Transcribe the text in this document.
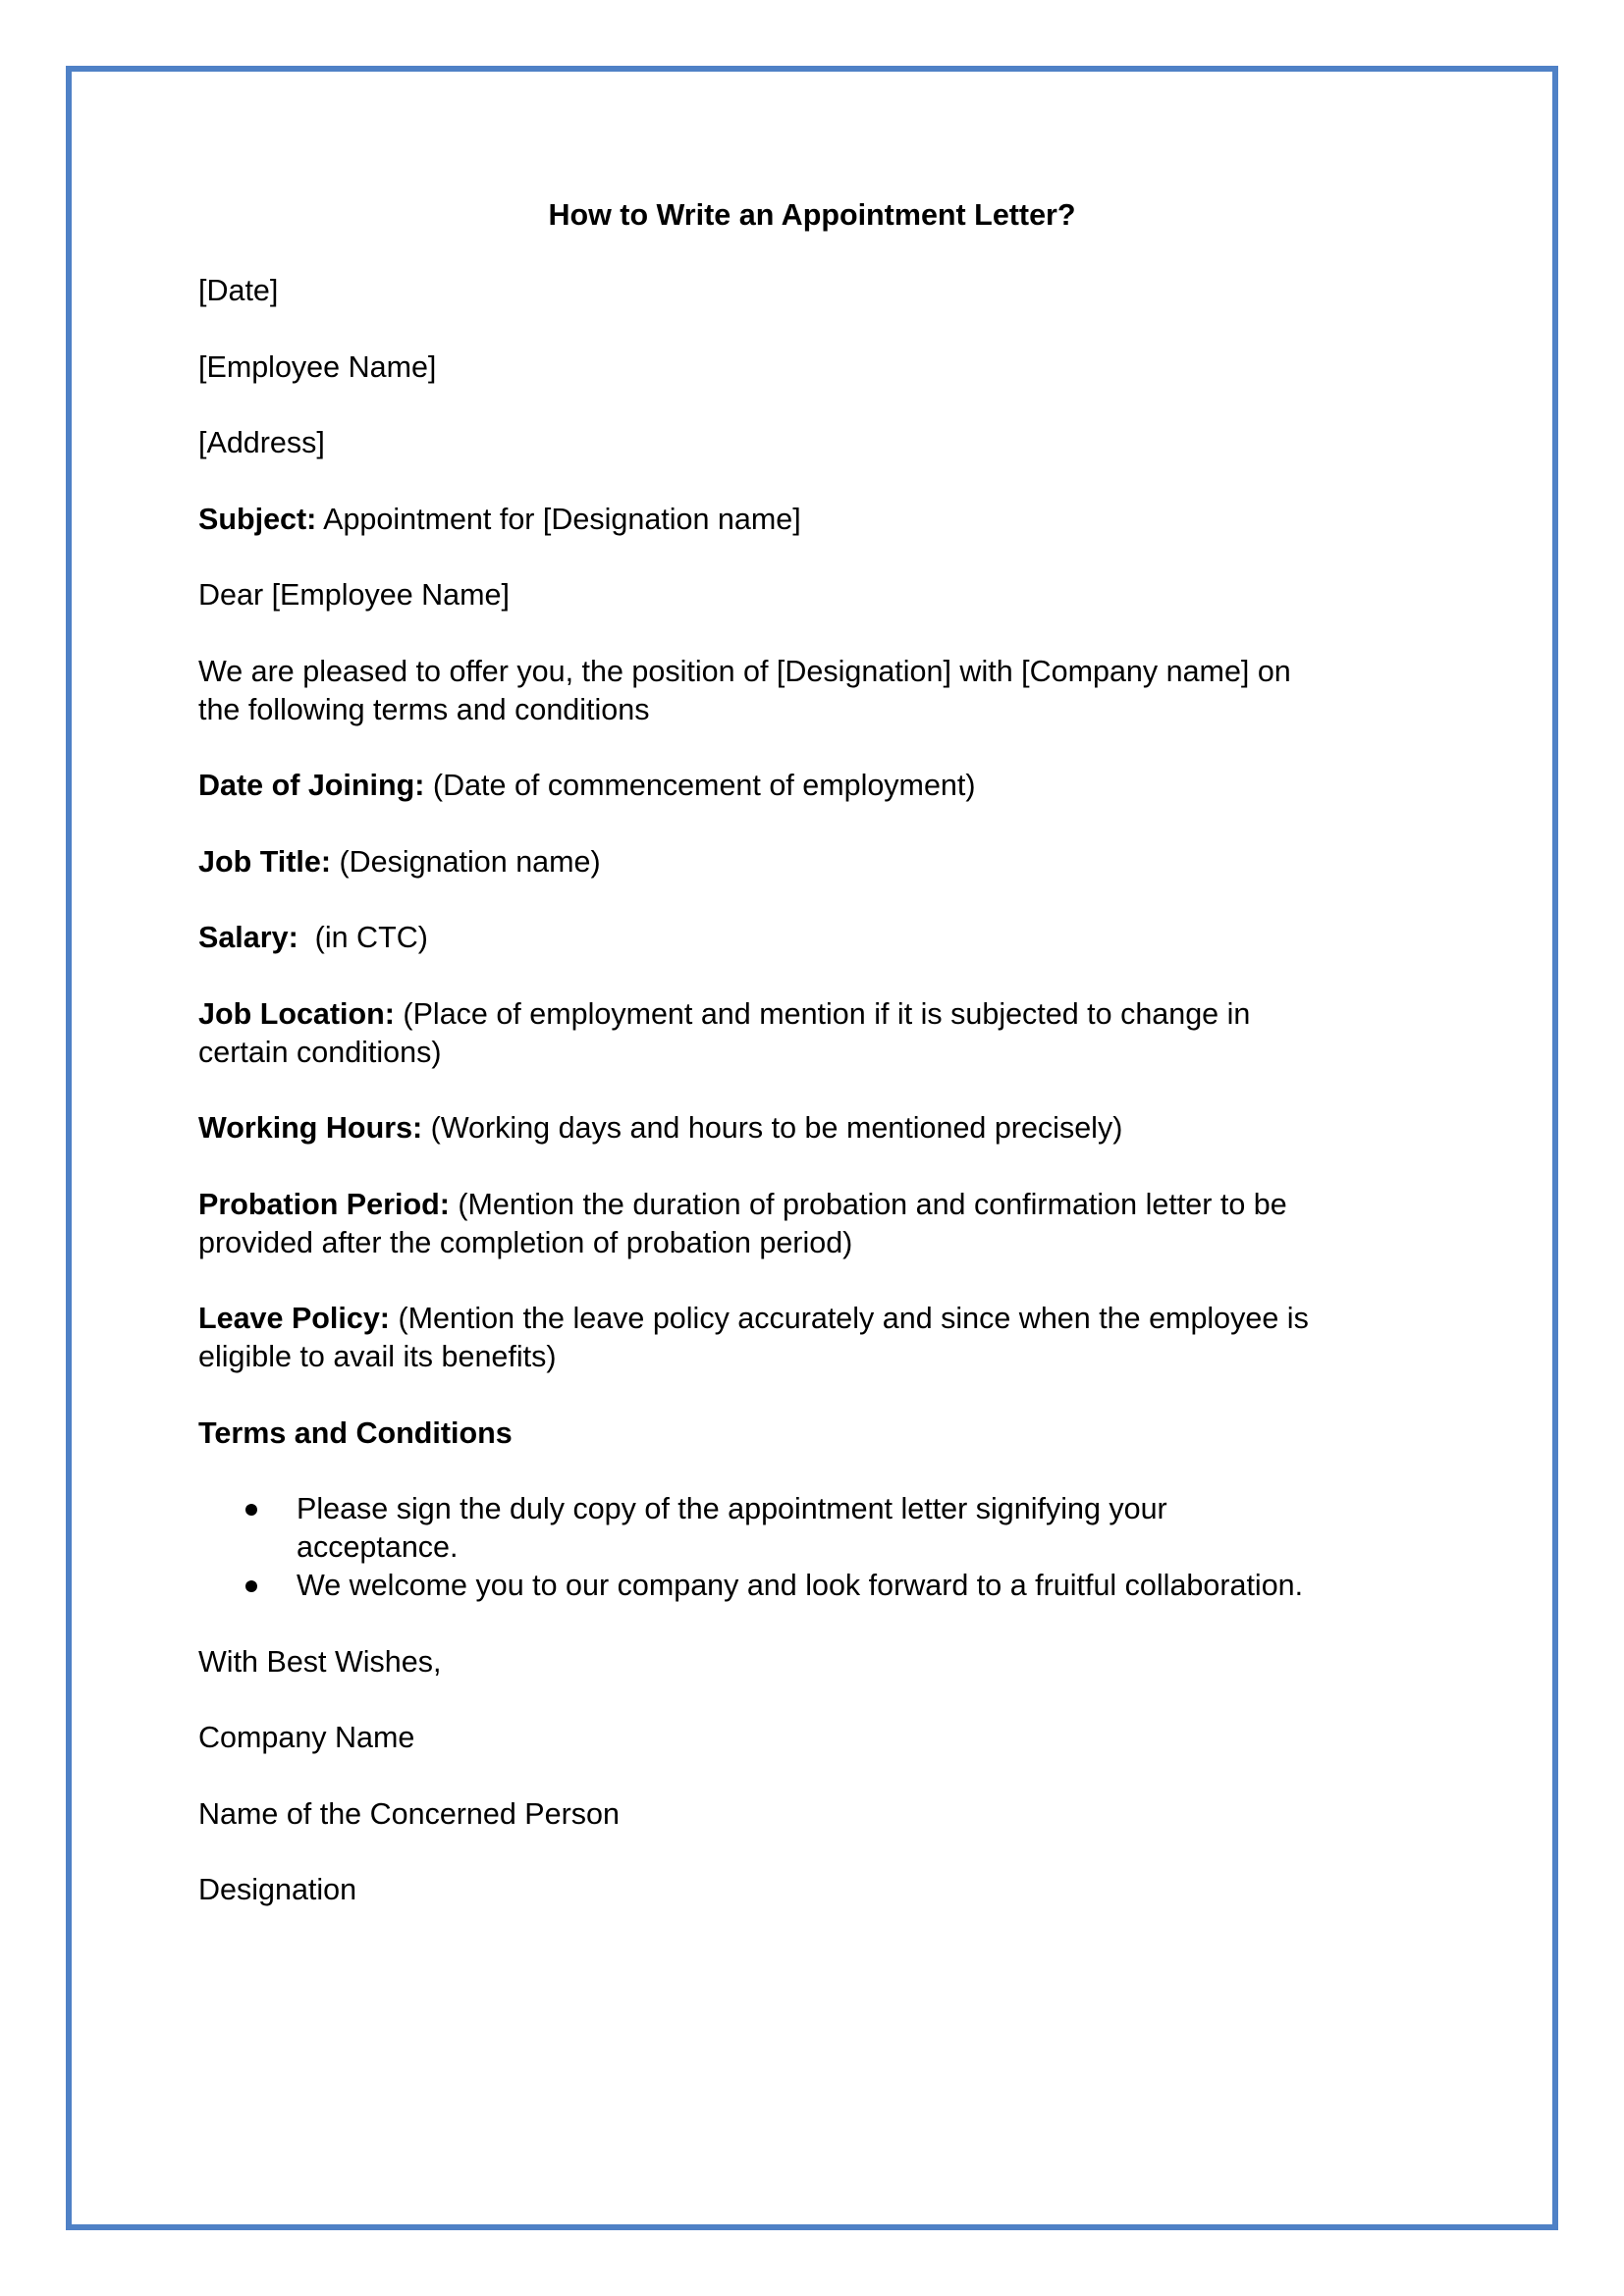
How to Write an Appointment Letter?

[Date]

[Employee Name]

[Address]

Subject: Appointment for [Designation name]

Dear [Employee Name]

We are pleased to offer you, the position of [Designation] with [Company name] on
the following terms and conditions

Date of Joining: (Date of commencement of employment)

Job Title: (Designation name)

Salary:  (in CTC)

Job Location: (Place of employment and mention if it is subjected to change in
certain conditions)

Working Hours: (Working days and hours to be mentioned precisely)

Probation Period: (Mention the duration of probation and confirmation letter to be
provided after the completion of probation period)

Leave Policy: (Mention the leave policy accurately and since when the employee is
eligible to avail its benefits)

Terms and Conditions

Please sign the duly copy of the appointment letter signifying your
acceptance.
We welcome you to our company and look forward to a fruitful collaboration.

With Best Wishes,

Company Name

Name of the Concerned Person

Designation
